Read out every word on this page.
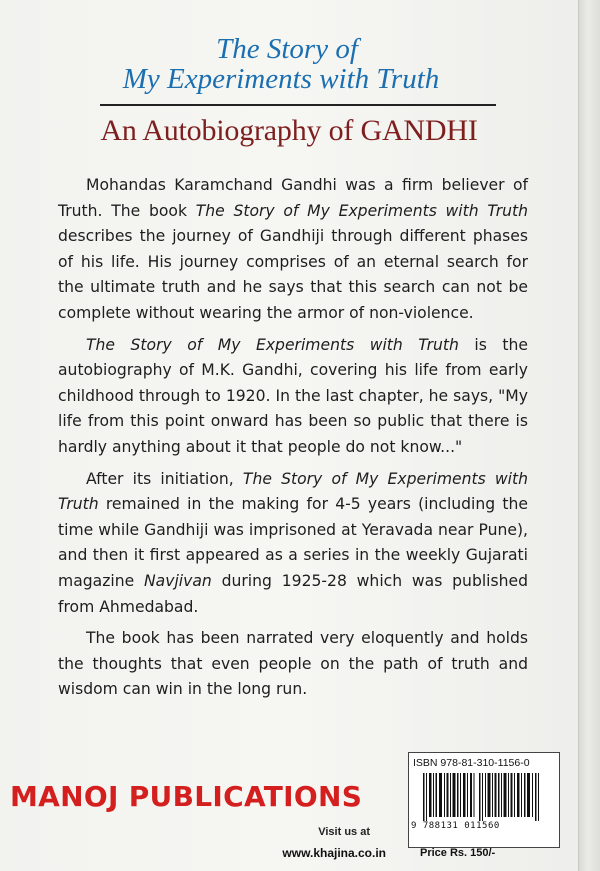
The Story of
My Experiments with Truth
An Autobiography of GANDHI

Mohandas Karamchand Gandhi was a firm believer of Truth. The book The Story of My Experiments with Truth describes the journey of Gandhiji through different phases of his life. His journey comprises of an eternal search for the ultimate truth and he says that this search can not be complete without wearing the armor of non-violence.

The Story of My Experiments with Truth is the autobiography of M.K. Gandhi, covering his life from early childhood through to 1920. In the last chapter, he says, "My life from this point onward has been so public that there is hardly anything about it that people do not know..."

After its initiation, The Story of My Experiments with Truth remained in the making for 4-5 years (including the time while Gandhiji was imprisoned at Yeravada near Pune), and then it first appeared as a series in the weekly Gujarati magazine Navjivan during 1925-28 which was published from Ahmedabad.

The book has been narrated very eloquently and holds the thoughts that even people on the path of truth and wisdom can win in the long run.

MANOJ PUBLICATIONS
Visit us at
www.khajina.co.in
ISBN 978-81-310-1156-0
9 788131 011560
Price Rs. 150/-
